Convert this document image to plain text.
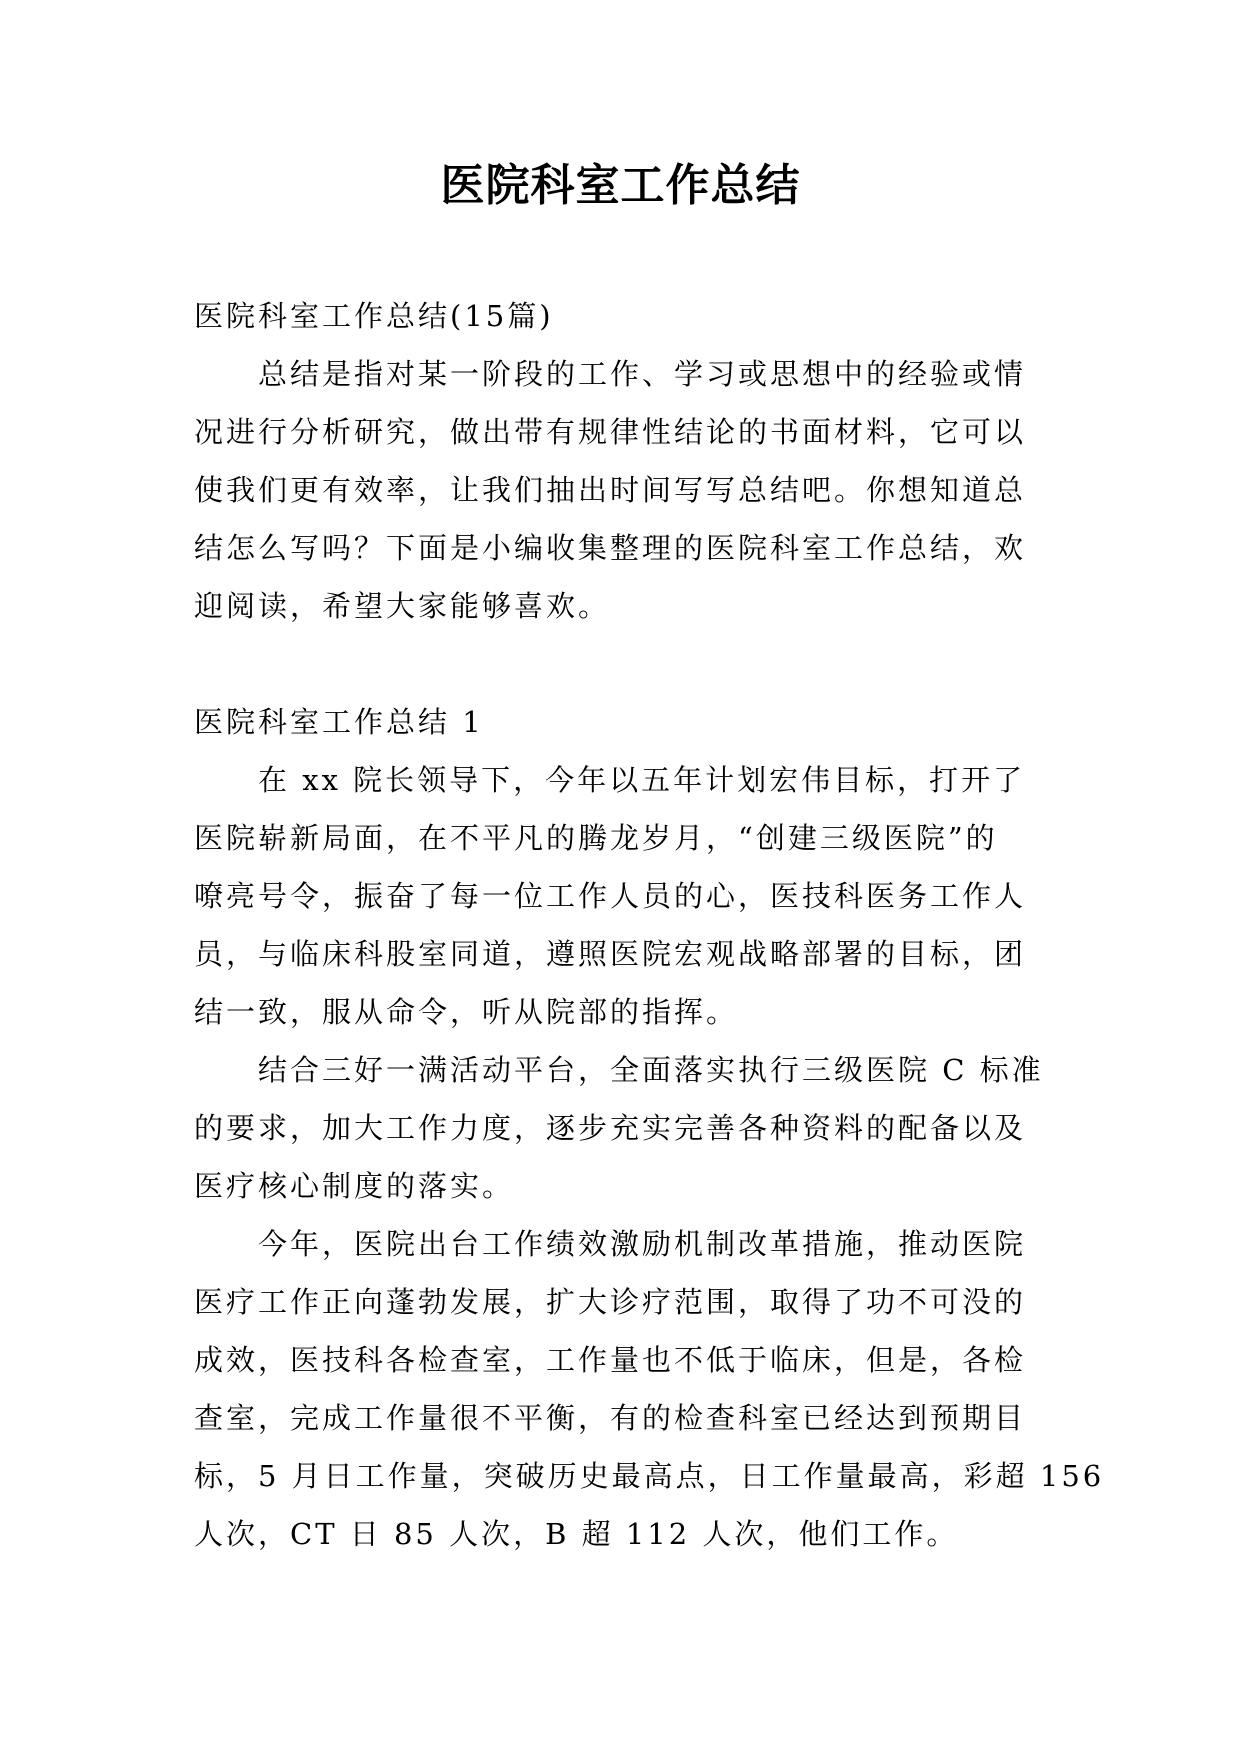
医院科室工作总结
医院科室工作总结(15篇)
总结是指对某一阶段的工作、学习或思想中的经验或情
况进行分析研究，做出带有规律性结论的书面材料，它可以
使我们更有效率，让我们抽出时间写写总结吧。你想知道总
结怎么写吗？下面是小编收集整理的医院科室工作总结，欢
迎阅读，希望大家能够喜欢。
医院科室工作总结 1
在 xx 院长领导下，今年以五年计划宏伟目标，打开了
医院崭新局面，在不平凡的腾龙岁月，“创建三级医院”的
嘹亮号令，振奋了每一位工作人员的心，医技科医务工作人
员，与临床科股室同道，遵照医院宏观战略部署的目标，团
结一致，服从命令，听从院部的指挥。
结合三好一满活动平台，全面落实执行三级医院 C 标准
的要求，加大工作力度，逐步充实完善各种资料的配备以及
医疗核心制度的落实。
今年，医院出台工作绩效激励机制改革措施，推动医院
医疗工作正向蓬勃发展，扩大诊疗范围，取得了功不可没的
成效，医技科各检查室，工作量也不低于临床，但是，各检
查室，完成工作量很不平衡，有的检查科室已经达到预期目
标，5 月日工作量，突破历史最高点，日工作量最高，彩超 156
人次，CT 日 85 人次，B 超 112 人次，他们工作。
